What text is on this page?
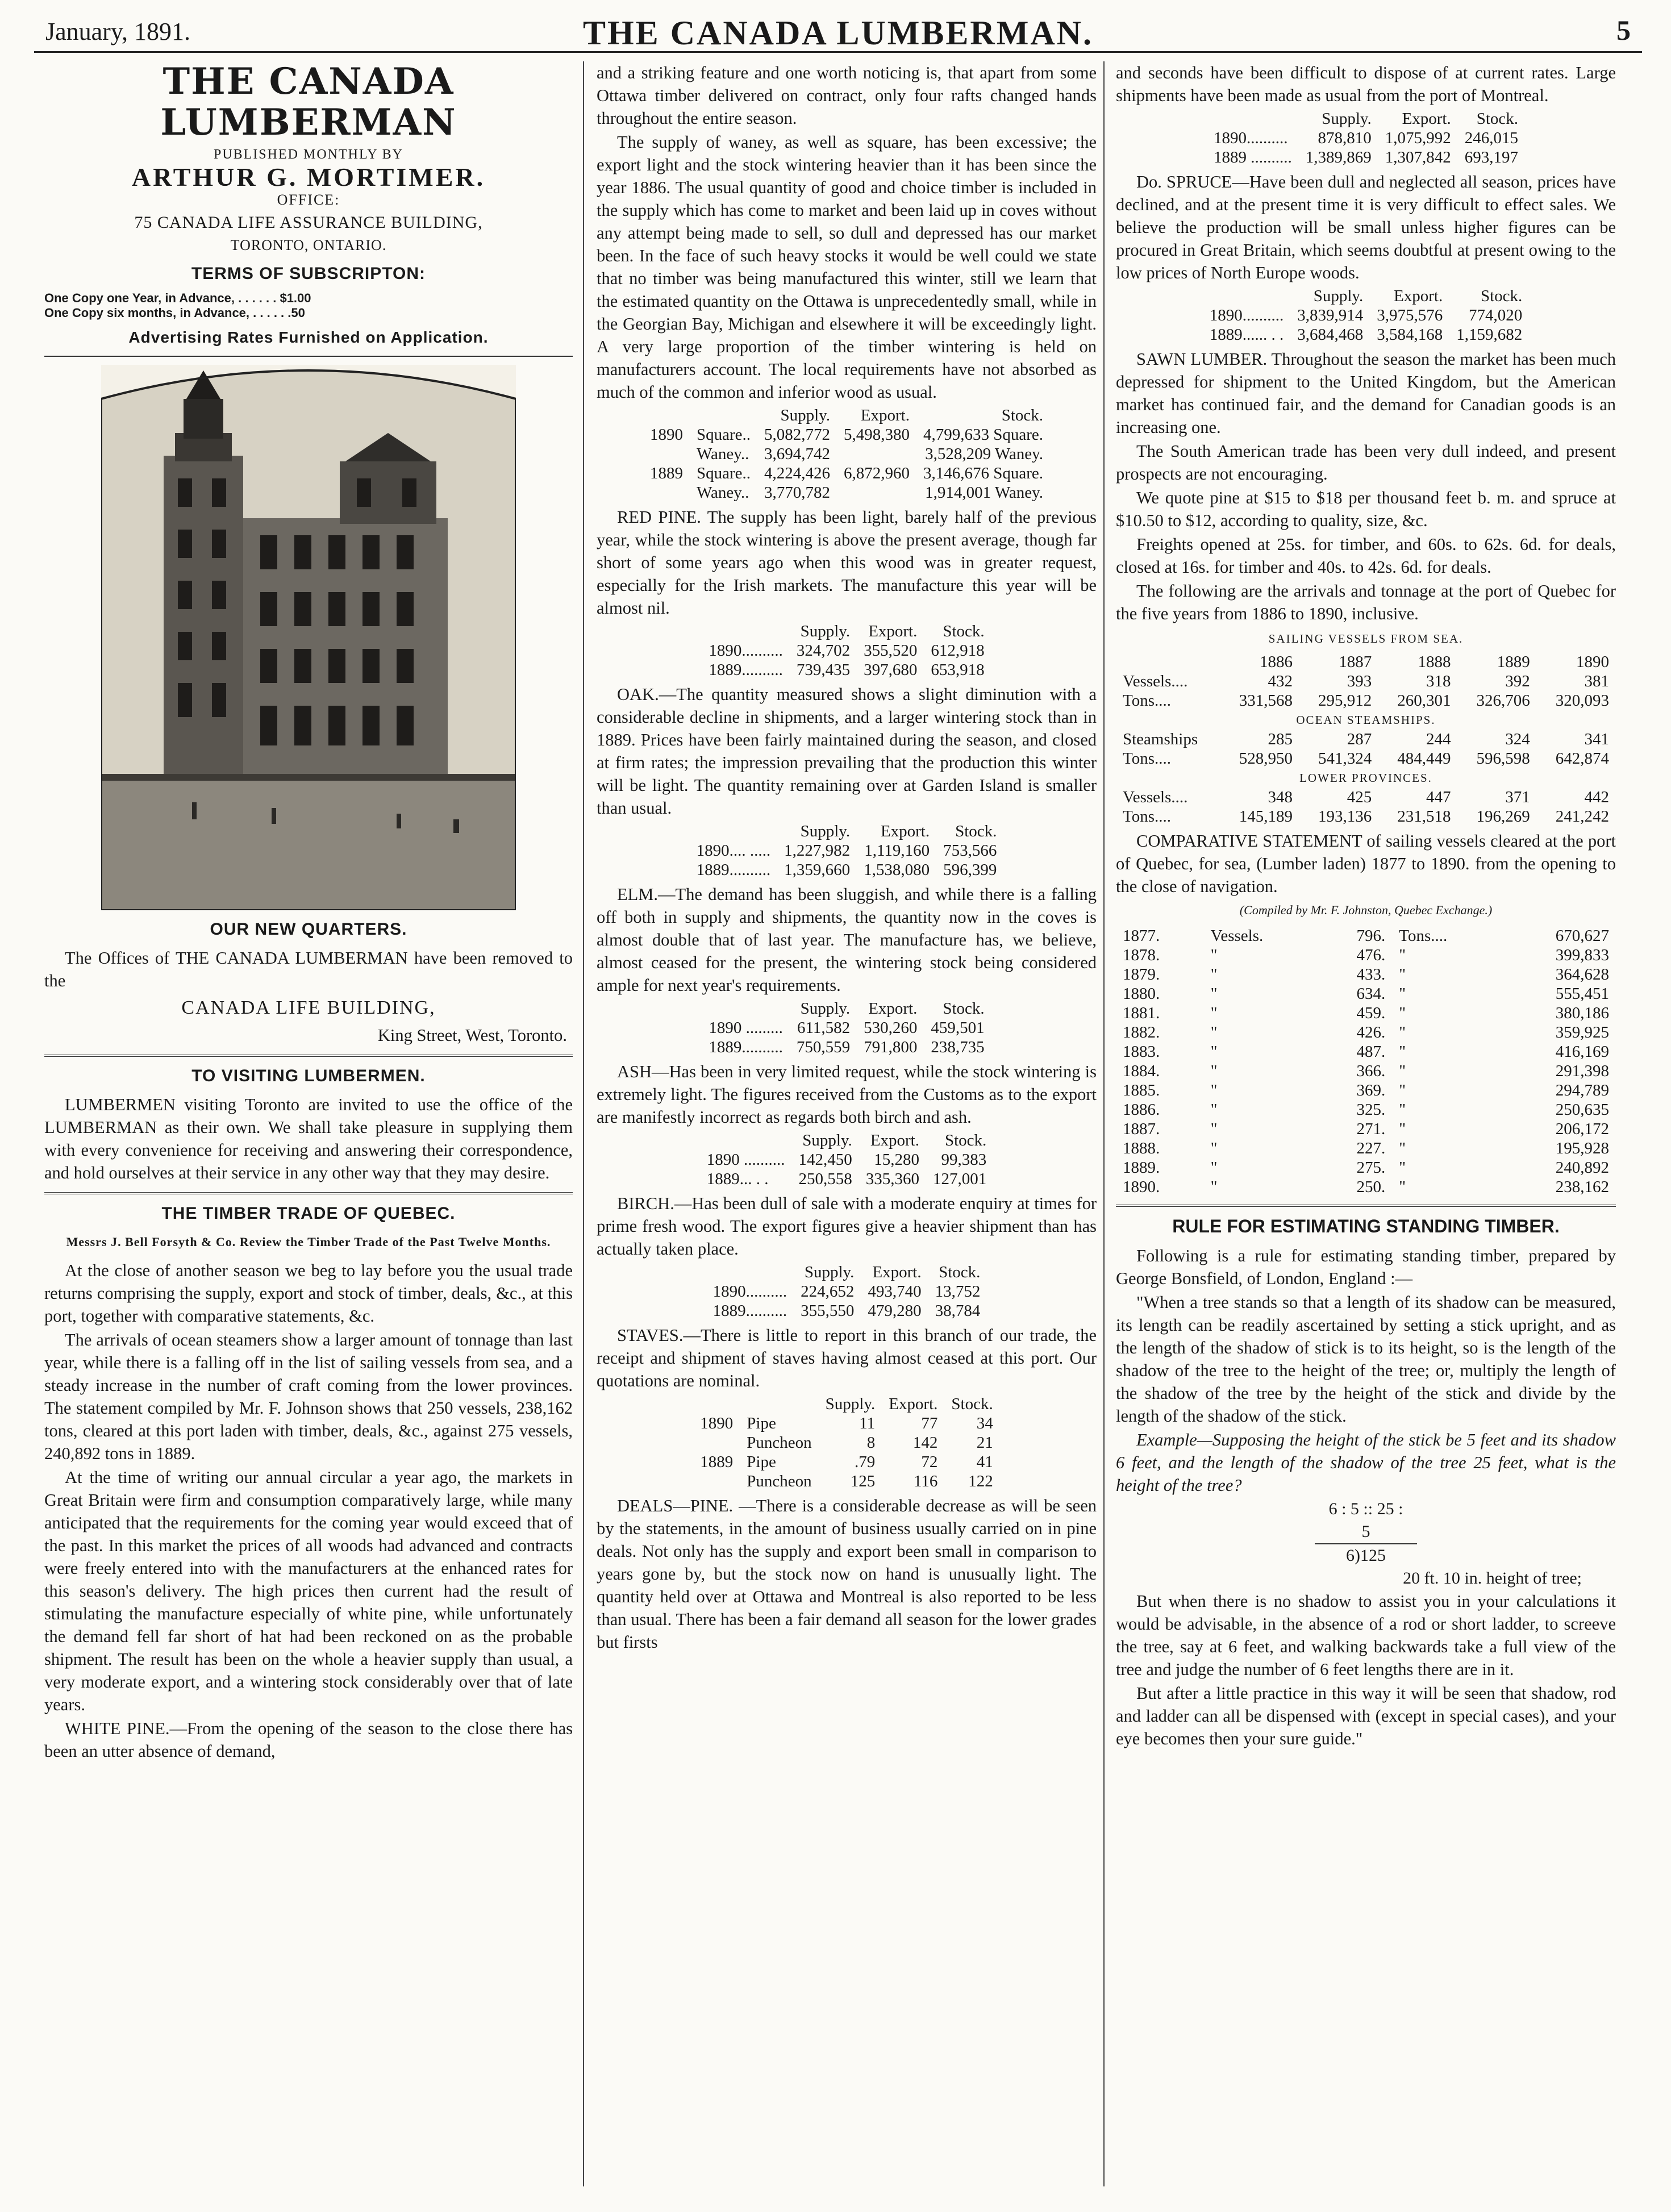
January, 1891.	THE CANADA LUMBERMAN.	5
THE CANADA LUMBERMAN
PUBLISHED MONTHLY BY
ARTHUR G. MORTIMER.
OFFICE:
75 CANADA LIFE ASSURANCE BUILDING,
TORONTO, ONTARIO.
TERMS OF SUBSCRIPTON:
One Copy one Year, in Advance, . . . . . . $1.00
One Copy six months, in Advance, . . . . . .50
Advertising Rates Furnished on Application.
OUR NEW QUARTERS.

The Offices of THE CANADA LUMBERMAN have been removed to the

CANADA LIFE BUILDING,
King Street, West, Toronto.
TO VISITING LUMBERMEN.

LUMBERMEN visiting Toronto are invited to use the office of the LUMBERMAN as their own. We shall take pleasure in supplying them with every convenience for receiving and answering their correspondence, and hold ourselves at their service in any other way that they may desire.

THE TIMBER TRADE OF QUEBEC.
Messrs J. Bell Forsyth & Co. Review the Timber Trade of the Past Twelve Months.

At the close of another season we beg to lay before you the usual trade returns comprising the supply, export and stock of timber, deals, &c., at this port, together with comparative statements, &c.

The arrivals of ocean steamers show a larger amount of tonnage than last year, while there is a falling off in the list of sailing vessels from sea, and a steady increase in the number of craft coming from the lower provinces. The statement compiled by Mr. F. Johnson shows that 250 vessels, 238,162 tons, cleared at this port laden with timber, deals, &c., against 275 vessels, 240,892 tons in 1889.

At the time of writing our annual circular a year ago, the markets in Great Britain were firm and consumption comparatively large, while many anticipated that the requirements for the coming year would exceed that of the past. In this market the prices of all woods had advanced and contracts were freely entered into with the manufacturers at the enhanced rates for this season's delivery. The high prices then current had the result of stimulating the manufacture especially of white pine, while unfortunately the demand fell far short of hat had been reckoned on as the probable shipment. The result has been on the whole a heavier supply than usual, a very moderate export, and a wintering stock considerably over that of late years.

WHITE PINE.—From the opening of the season to the close there has been an utter absence of demand,

and a striking feature and one worth noticing is, that apart from some Ottawa timber delivered on contract, only four rafts changed hands throughout the entire season.

The supply of waney, as well as square, has been excessive; the export light and the stock wintering heavier than it has been since the year 1886. The usual quantity of good and choice timber is included in the supply which has come to market and been laid up in coves without any attempt being made to sell, so dull and depressed has our market been. In the face of such heavy stocks it would be well could we state that no timber was being manufactured this winter, still we learn that the estimated quantity on the Ottawa is unprecedentedly small, while in the Georgian Bay, Michigan and elsewhere it will be exceedingly light. A very large proportion of the timber wintering is held on manufacturers account. The local requirements have not absorbed as much of the common and inferior wood as usual.

		Supply.	Export.	Stock.
1890	Square..	5,082,772	5,498,380	4,799,633 Square.
	Waney..	3,694,742		3,528,209 Waney.
1889	Square..	4,224,426	6,872,960	3,146,676 Square.
	Waney..	3,770,782		1,914,001 Waney.

RED PINE. The supply has been light, barely half of the previous year, while the stock wintering is above the present average, though far short of some years ago when this wood was in greater request, especially for the Irish markets. The manufacture this year will be almost nil.

	Supply.	Export.	Stock.
1890..........	324,702	355,520	612,918
1889..........	739,435	397,680	653,918

OAK.—The quantity measured shows a slight diminution with a considerable decline in shipments, and a larger wintering stock than in 1889. Prices have been fairly maintained during the season, and closed at firm rates; the impression prevailing that the production this winter will be light. The quantity remaining over at Garden Island is smaller than usual.

	Supply.	Export.	Stock.
1890.... .....	1,227,982	1,119,160	753,566
1889..........	1,359,660	1,538,080	596,399

ELM.—The demand has been sluggish, and while there is a falling off both in supply and shipments, the quantity now in the coves is almost double that of last year. The manufacture has, we believe, almost ceased for the present, the wintering stock being considered ample for next year's requirements.

	Supply.	Export.	Stock.
1890 .........	611,582	530,260	459,501
1889..........	750,559	791,800	238,735

ASH—Has been in very limited request, while the stock wintering is extremely light. The figures received from the Customs as to the export are manifestly incorrect as regards both birch and ash.

	Supply.	Export.	Stock.
1890 ..........	142,450	15,280	99,383
1889... . .	250,558	335,360	127,001

BIRCH.—Has been dull of sale with a moderate enquiry at times for prime fresh wood. The export figures give a heavier shipment than has actually taken place.

	Supply.	Export.	Stock.
1890..........	224,652	493,740	13,752
1889..........	355,550	479,280	38,784

STAVES.—There is little to report in this branch of our trade, the receipt and shipment of staves having almost ceased at this port. Our quotations are nominal.

		Supply.	Export.	Stock.
1890	Pipe	11	77	34
	Puncheon	8	142	21
1889	Pipe	.79	72	41
	Puncheon	125	116	122

DEALS—PINE. —There is a considerable decrease as will be seen by the statements, in the amount of business usually carried on in pine deals. Not only has the supply and export been small in comparison to years gone by, but the stock now on hand is unusually light. The quantity held over at Ottawa and Montreal is also reported to be less than usual. There has been a fair demand all season for the lower grades but firsts

and seconds have been difficult to dispose of at current rates. Large shipments have been made as usual from the port of Montreal.

	Supply.	Export.	Stock.
1890..........	878,810	1,075,992	246,015
1889 ..........	1,389,869	1,307,842	693,197

Do. SPRUCE—Have been dull and neglected all season, prices have declined, and at the present time it is very difficult to effect sales. We believe the production will be small unless higher figures can be procured in Great Britain, which seems doubtful at present owing to the low prices of North Europe woods.

	Supply.	Export.	Stock.
1890..........	3,839,914	3,975,576	774,020
1889...... . .	3,684,468	3,584,168	1,159,682

SAWN LUMBER. Throughout the season the market has been much depressed for shipment to the United Kingdom, but the American market has continued fair, and the demand for Canadian goods is an increasing one.

The South American trade has been very dull indeed, and present prospects are not encouraging.

We quote pine at $15 to $18 per thousand feet b. m. and spruce at $10.50 to $12, according to quality, size, &c.

Freights opened at 25s. for timber, and 60s. to 62s. 6d. for deals, closed at 16s. for timber and 40s. to 42s. 6d. for deals.

The following are the arrivals and tonnage at the port of Quebec for the five years from 1886 to 1890, inclusive.

SAILING VESSELS FROM SEA.
	1886	1887	1888	1889	1890
Vessels....	432	393	318	392	381
Tons....	331,568	295,912	260,301	326,706	320,093
OCEAN STEAMSHIPS.					
Steamships	285	287	244	324	341
Tons....	528,950	541,324	484,449	596,598	642,874
LOWER PROVINCES.					
Vessels....	348	425	447	371	442
Tons....	145,189	193,136	231,518	196,269	241,242

COMPARATIVE STATEMENT of sailing vessels cleared at the port of Quebec, for sea, (Lumber laden) 1877 to 1890. from the opening to the close of navigation.

(Compiled by Mr. F. Johnston, Quebec Exchange.)
1877.	Vessels.	796.	Tons....	670,627
1878.	"	476.	"	399,833
1879.	"	433.	"	364,628
1880.	"	634.	"	555,451
1881.	"	459.	"	380,186
1882.	"	426.	"	359,925
1883.	"	487.	"	416,169
1884.	"	366.	"	291,398
1885.	"	369.	"	294,789
1886.	"	325.	"	250,635
1887.	"	271.	"	206,172
1888.	"	227.	"	195,928
1889.	"	275.	"	240,892
1890.	"	250.	"	238,162
RULE FOR ESTIMATING STANDING TIMBER.

Following is a rule for estimating standing timber, prepared by George Bonsfield, of London, England :—

"When a tree stands so that a length of its shadow can be measured, its length can be readily ascertained by setting a stick upright, and as the length of the shadow of stick is to its height, so is the length of the shadow of the tree to the height of the tree; or, multiply the length of the shadow of the tree by the height of the stick and divide by the length of the shadow of the stick.

Example—Supposing the height of the stick be 5 feet and its shadow 6 feet, and the length of the shadow of the tree 25 feet, what is the height of the tree?

6 : 5 :: 25 :
5
6)125
20 ft. 10 in. height of tree;

But when there is no shadow to assist you in your calculations it would be advisable, in the absence of a rod or short ladder, to screeve the tree, say at 6 feet, and walking backwards take a full view of the tree and judge the number of 6 feet lengths there are in it.

But after a little practice in this way it will be seen that shadow, rod and ladder can all be dispensed with (except in special cases), and your eye becomes then your sure guide."
